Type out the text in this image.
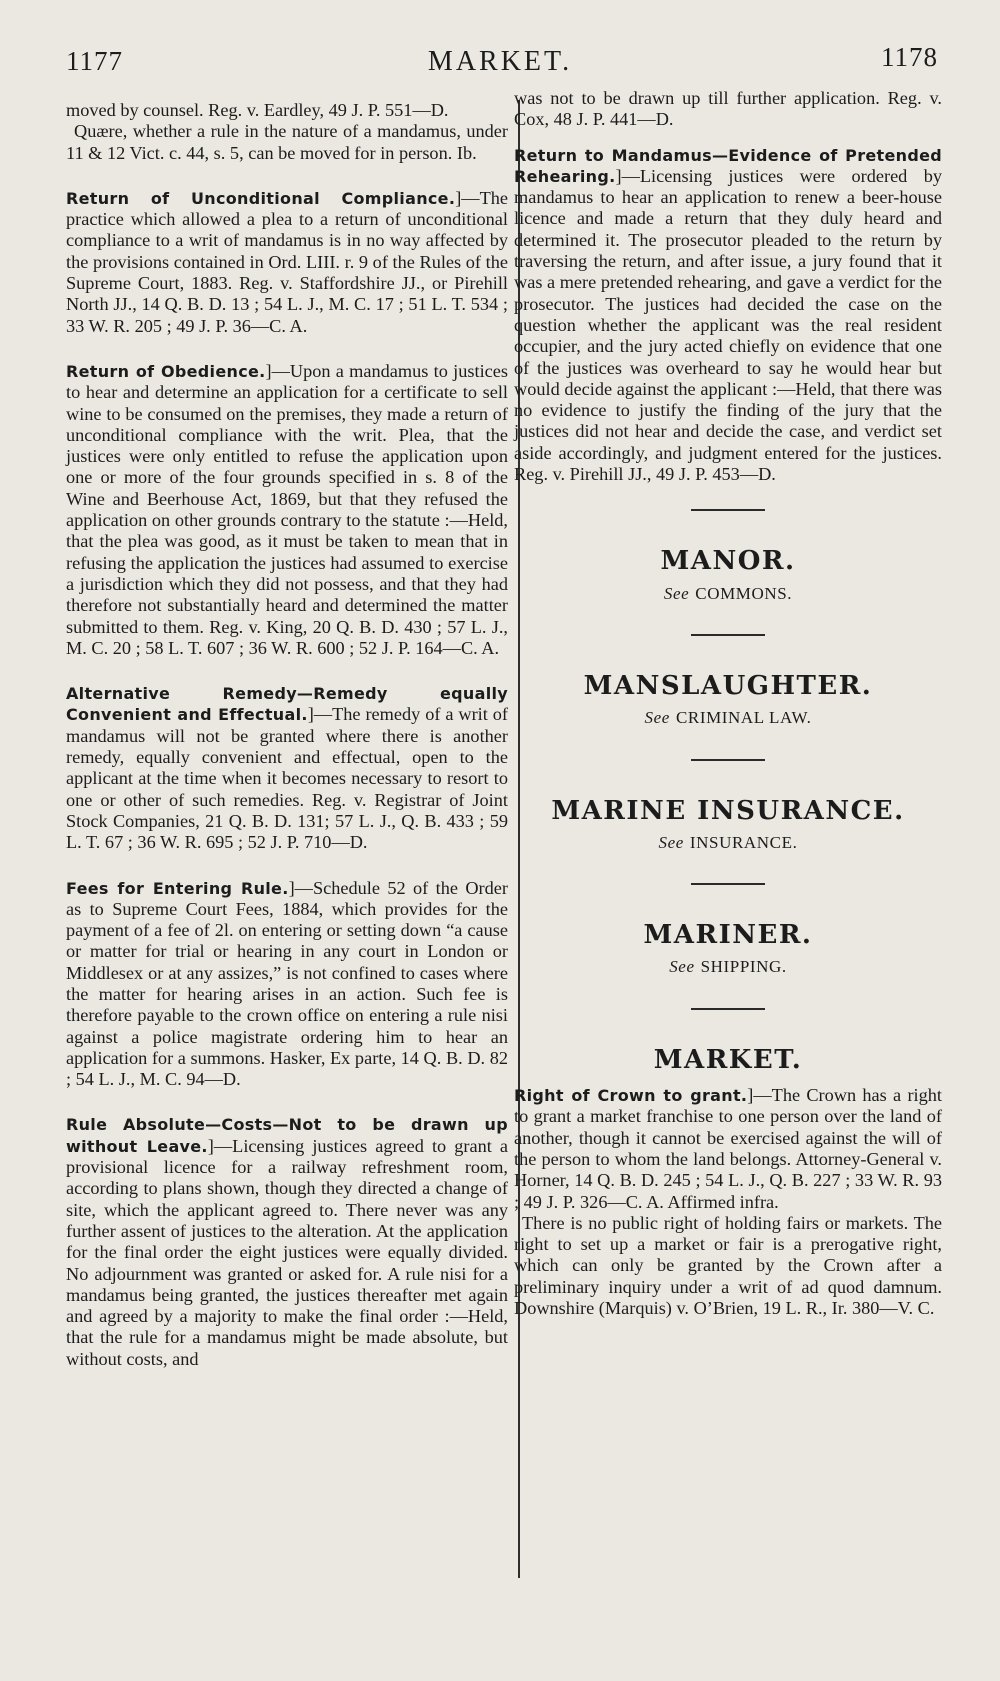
1177	MARKET.	1178

moved by counsel. Reg. v. Eardley, 49 J. P. 551—D.

Quære, whether a rule in the nature of a mandamus, under 11 & 12 Vict. c. 44, s. 5, can be moved for in person. Ib.

Return of Unconditional Compliance.]—The practice which allowed a plea to a return of unconditional compliance to a writ of mandamus is in no way affected by the provisions contained in Ord. LIII. r. 9 of the Rules of the Supreme Court, 1883. Reg. v. Staffordshire JJ., or Pirehill North JJ., 14 Q. B. D. 13 ; 54 L. J., M. C. 17 ; 51 L. T. 534 ; 33 W. R. 205 ; 49 J. P. 36—C. A.

Return of Obedience.]—Upon a mandamus to justices to hear and determine an application for a certificate to sell wine to be consumed on the premises, they made a return of unconditional compliance with the writ. Plea, that the justices were only entitled to refuse the application upon one or more of the four grounds specified in s. 8 of the Wine and Beerhouse Act, 1869, but that they refused the application on other grounds contrary to the statute :—Held, that the plea was good, as it must be taken to mean that in refusing the application the justices had assumed to exercise a jurisdiction which they did not possess, and that they had therefore not substantially heard and determined the matter submitted to them. Reg. v. King, 20 Q. B. D. 430 ; 57 L. J., M. C. 20 ; 58 L. T. 607 ; 36 W. R. 600 ; 52 J. P. 164—C. A.

Alternative Remedy—Remedy equally Convenient and Effectual.]—The remedy of a writ of mandamus will not be granted where there is another remedy, equally convenient and effectual, open to the applicant at the time when it becomes necessary to resort to one or other of such remedies. Reg. v. Registrar of Joint Stock Companies, 21 Q. B. D. 131; 57 L. J., Q. B. 433 ; 59 L. T. 67 ; 36 W. R. 695 ; 52 J. P. 710—D.

Fees for Entering Rule.]—Schedule 52 of the Order as to Supreme Court Fees, 1884, which provides for the payment of a fee of 2l. on entering or setting down “a cause or matter for trial or hearing in any court in London or Middlesex or at any assizes,” is not confined to cases where the matter for hearing arises in an action. Such fee is therefore payable to the crown office on entering a rule nisi against a police magistrate ordering him to hear an application for a summons. Hasker, Ex parte, 14 Q. B. D. 82 ; 54 L. J., M. C. 94—D.

Rule Absolute—Costs—Not to be drawn up without Leave.]—Licensing justices agreed to grant a provisional licence for a railway refreshment room, according to plans shown, though they directed a change of site, which the applicant agreed to. There never was any further assent of justices to the alteration. At the application for the final order the eight justices were equally divided. No adjournment was granted or asked for. A rule nisi for a mandamus being granted, the justices thereafter met again and agreed by a majority to make the final order :—Held, that the rule for a mandamus might be made absolute, but without costs, and

was not to be drawn up till further application. Reg. v. Cox, 48 J. P. 441—D.

Return to Mandamus—Evidence of Pretended Rehearing.]—Licensing justices were ordered by mandamus to hear an application to renew a beer-house licence and made a return that they duly heard and determined it. The prosecutor pleaded to the return by traversing the return, and after issue, a jury found that it was a mere pretended rehearing, and gave a verdict for the prosecutor. The justices had decided the case on the question whether the applicant was the real resident occupier, and the jury acted chiefly on evidence that one of the justices was overheard to say he would hear but would decide against the applicant :—Held, that there was no evidence to justify the finding of the jury that the justices did not hear and decide the case, and verdict set aside accordingly, and judgment entered for the justices. Reg. v. Pirehill JJ., 49 J. P. 453—D.

MANOR.
See COMMONS.
MANSLAUGHTER.
See CRIMINAL LAW.
MARINE INSURANCE.
See INSURANCE.
MARINER.
See SHIPPING.
MARKET.

Right of Crown to grant.]—The Crown has a right to grant a market franchise to one person over the land of another, though it cannot be exercised against the will of the person to whom the land belongs. Attorney-General v. Horner, 14 Q. B. D. 245 ; 54 L. J., Q. B. 227 ; 33 W. R. 93 ; 49 J. P. 326—C. A. Affirmed infra.

There is no public right of holding fairs or markets. The right to set up a market or fair is a prerogative right, which can only be granted by the Crown after a preliminary inquiry under a writ of ad quod damnum. Downshire (Marquis) v. O’Brien, 19 L. R., Ir. 380—V. C.
